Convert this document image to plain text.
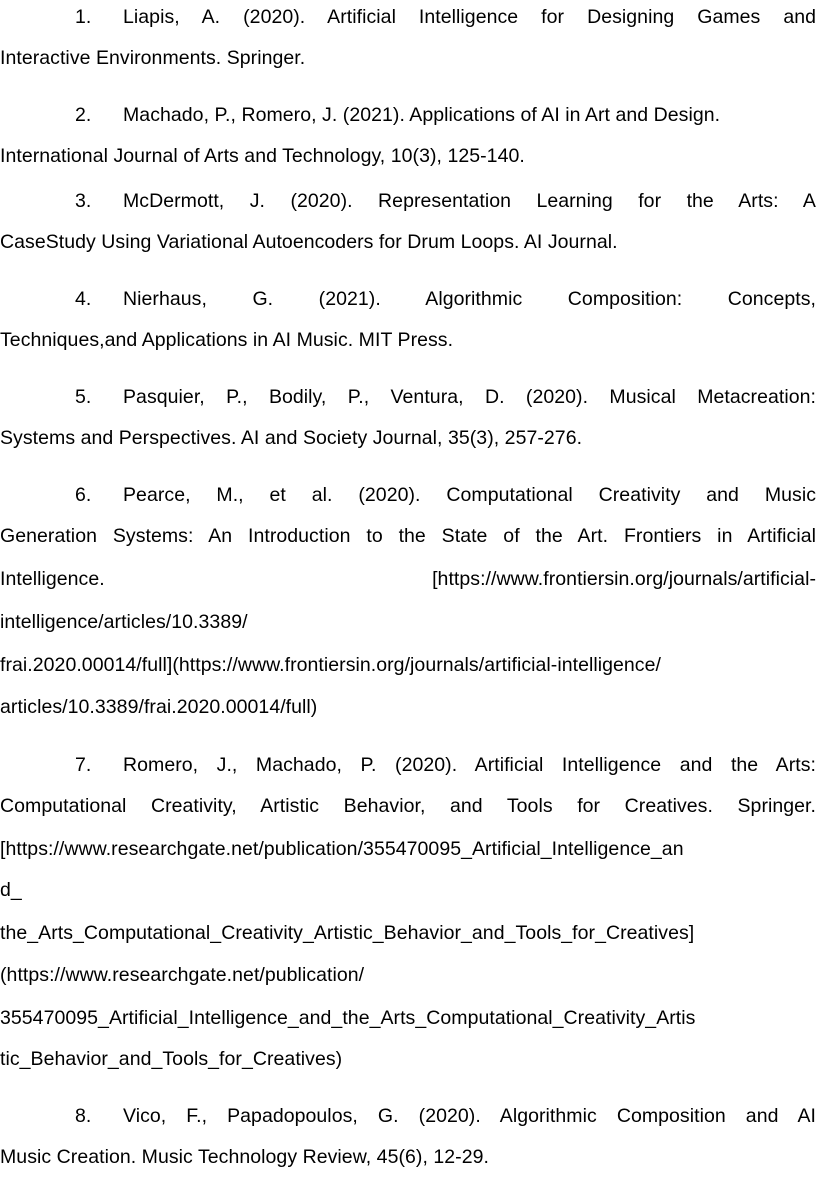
1. Liapis, A. (2020). Artificial Intelligence for Designing Games and
Interactive Environments. Springer.
2. Machado, P., Romero, J. (2021). Applications of AI in Art and Design.
International Journal of Arts and Technology, 10(3), 125-140.
3. McDermott, J. (2020). Representation Learning for the Arts: A
CaseStudy Using Variational Autoencoders for Drum Loops. AI Journal.
4. Nierhaus, G. (2021). Algorithmic Composition: Concepts,
Techniques,and Applications in AI Music. MIT Press.
5. Pasquier, P., Bodily, P., Ventura, D. (2020). Musical Metacreation:
Systems and Perspectives. AI and Society Journal, 35(3), 257-276.
6. Pearce, M., et al. (2020). Computational Creativity and Music
Generation Systems: An Introduction to the State of the Art. Frontiers in Artificial
Intelligence.	[https://www.frontiersin.org/journals/artificial-
intelligence/articles/10.3389/
frai.2020.00014/full](https://www.frontiersin.org/journals/artificial-intelligence/
articles/10.3389/frai.2020.00014/full)
7. Romero, J., Machado, P. (2020). Artificial Intelligence and the Arts:
Computational Creativity, Artistic Behavior, and Tools for Creatives. Springer.
[https://www.researchgate.net/publication/355470095_Artificial_Intelligence_an
d_
the_Arts_Computational_Creativity_Artistic_Behavior_and_Tools_for_Creatives]
(https://www.researchgate.net/publication/
355470095_Artificial_Intelligence_and_the_Arts_Computational_Creativity_Artis
tic_Behavior_and_Tools_for_Creatives)
8. Vico, F., Papadopoulos, G. (2020). Algorithmic Composition and AI
Music Creation. Music Technology Review, 45(6), 12-29.
